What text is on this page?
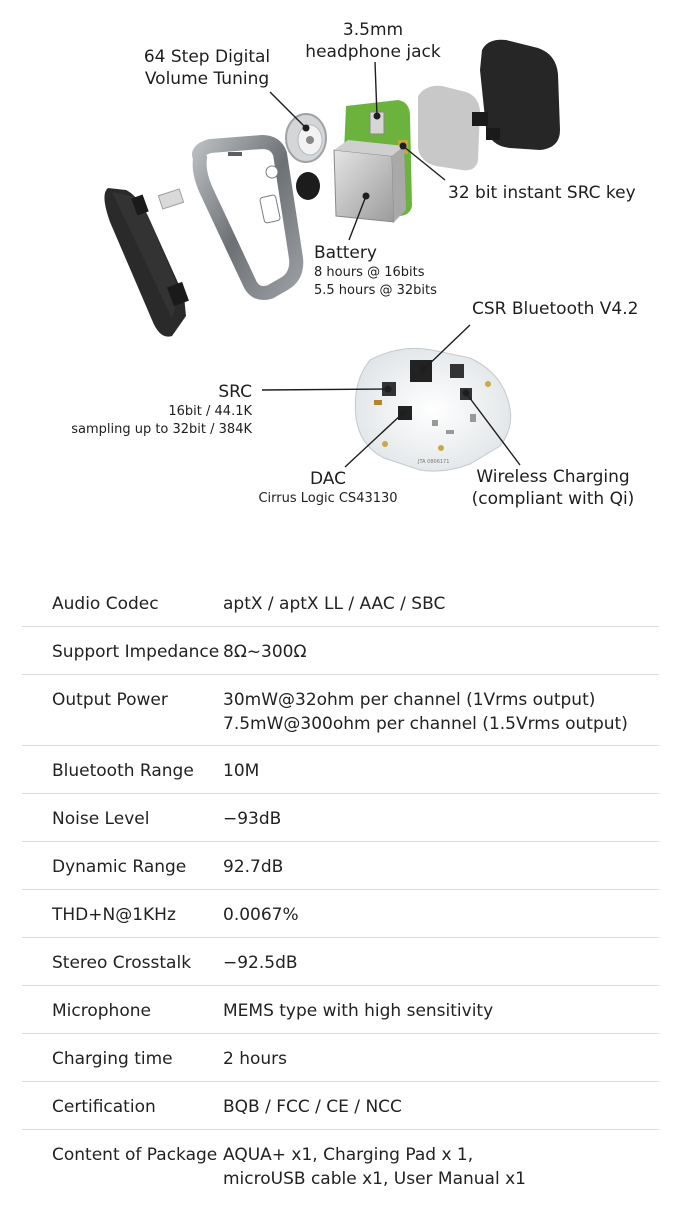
JTA 0806171
64 Step Digital
Volume Tuning
3.5mm
headphone jack
32 bit instant SRC key
Battery
8 hours @ 16bits
5.5 hours @ 32bits
CSR Bluetooth V4.2
SRC
16bit / 44.1K
sampling up to 32bit / 384K
DAC
Cirrus Logic CS43130
Wireless Charging
(compliant with Qi)
Audio Codec	aptX / aptX LL / AAC / SBC
Support Impedance 8Ω~300Ω
Output Power	30mW@32ohm per channel (1Vrms output)
7.5mW@300ohm per channel (1.5Vrms output)
Bluetooth Range	10M
Noise Level	−93dB
Dynamic Range	92.7dB
THD+N@1KHz	0.0067%
Stereo Crosstalk	−92.5dB
Microphone	MEMS type with high sensitivity
Charging time	2 hours
Certification	BQB / FCC / CE / NCC
Content of Package AQUA+ x1, Charging Pad x 1,
microUSB cable x1, User Manual x1
